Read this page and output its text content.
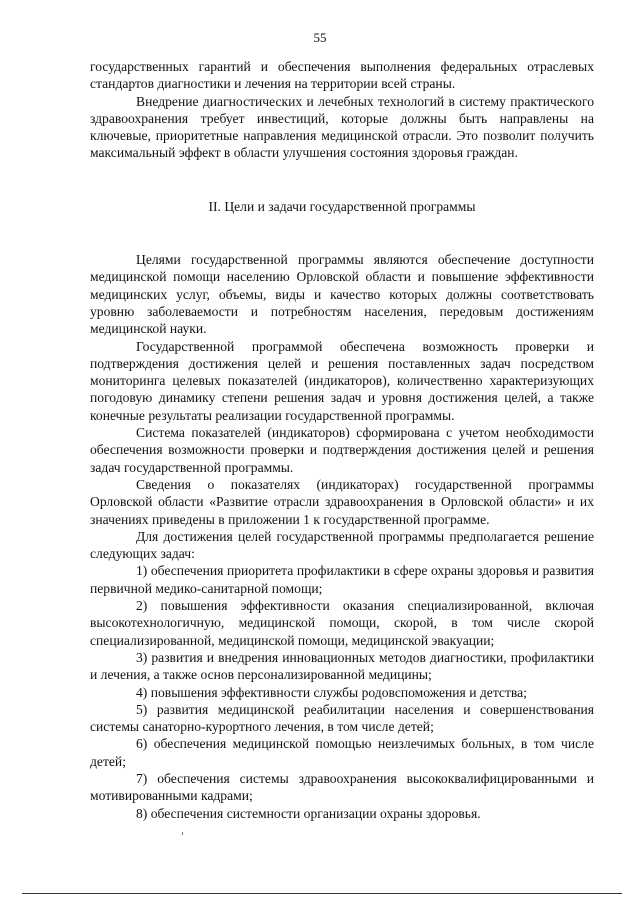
55

государственных гарантий и обеспечения выполнения федеральных отраслевых стандартов диагностики и лечения на территории всей страны.

Внедрение диагностических и лечебных технологий в систему практического здравоохранения требует инвестиций, которые должны быть направлены на ключевые, приоритетные направления медицинской отрасли. Это позволит получить максимальный эффект в области улучшения состояния здоровья граждан.

II. Цели и задачи государственной программы

Целями государственной программы являются обеспечение доступности медицинской помощи населению Орловской области и повышение эффективности медицинских услуг, объемы, виды и качество которых должны соответствовать уровню заболеваемости и потребностям населения, передовым достижениям медицинской науки.

Государственной программой обеспечена возможность проверки и подтверждения достижения целей и решения поставленных задач посредством мониторинга целевых показателей (индикаторов), количественно характеризующих погодовую динамику степени решения задач и уровня достижения целей, а также конечные результаты реализации государственной программы.

Система показателей (индикаторов) сформирована с учетом необходимости обеспечения возможности проверки и подтверждения достижения целей и решения задач государственной программы.

Сведения о показателях (индикаторах) государственной программы Орловской области «Развитие отрасли здравоохранения в Орловской области» и их значениях приведены в приложении 1 к государственной программе.

Для достижения целей государственной программы предполагается решение следующих задач:

1) обеспечения приоритета профилактики в сфере охраны здоровья и развития первичной медико-санитарной помощи;

2) повышения эффективности оказания специализированной, включая высокотехнологичную, медицинской помощи, скорой, в том числе скорой специализированной, медицинской помощи, медицинской эвакуации;

3) развития и внедрения инновационных методов диагностики, профилактики и лечения, а также основ персонализированной медицины;

4) повышения эффективности службы родовспоможения и детства;

5) развития медицинской реабилитации населения и совершенствования системы санаторно-курортного лечения, в том числе детей;

6) обеспечения медицинской помощью неизлечимых больных, в том числе детей;

7) обеспечения системы здравоохранения высококвалифицированными и мотивированными кадрами;

8) обеспечения системности организации охраны здоровья.
